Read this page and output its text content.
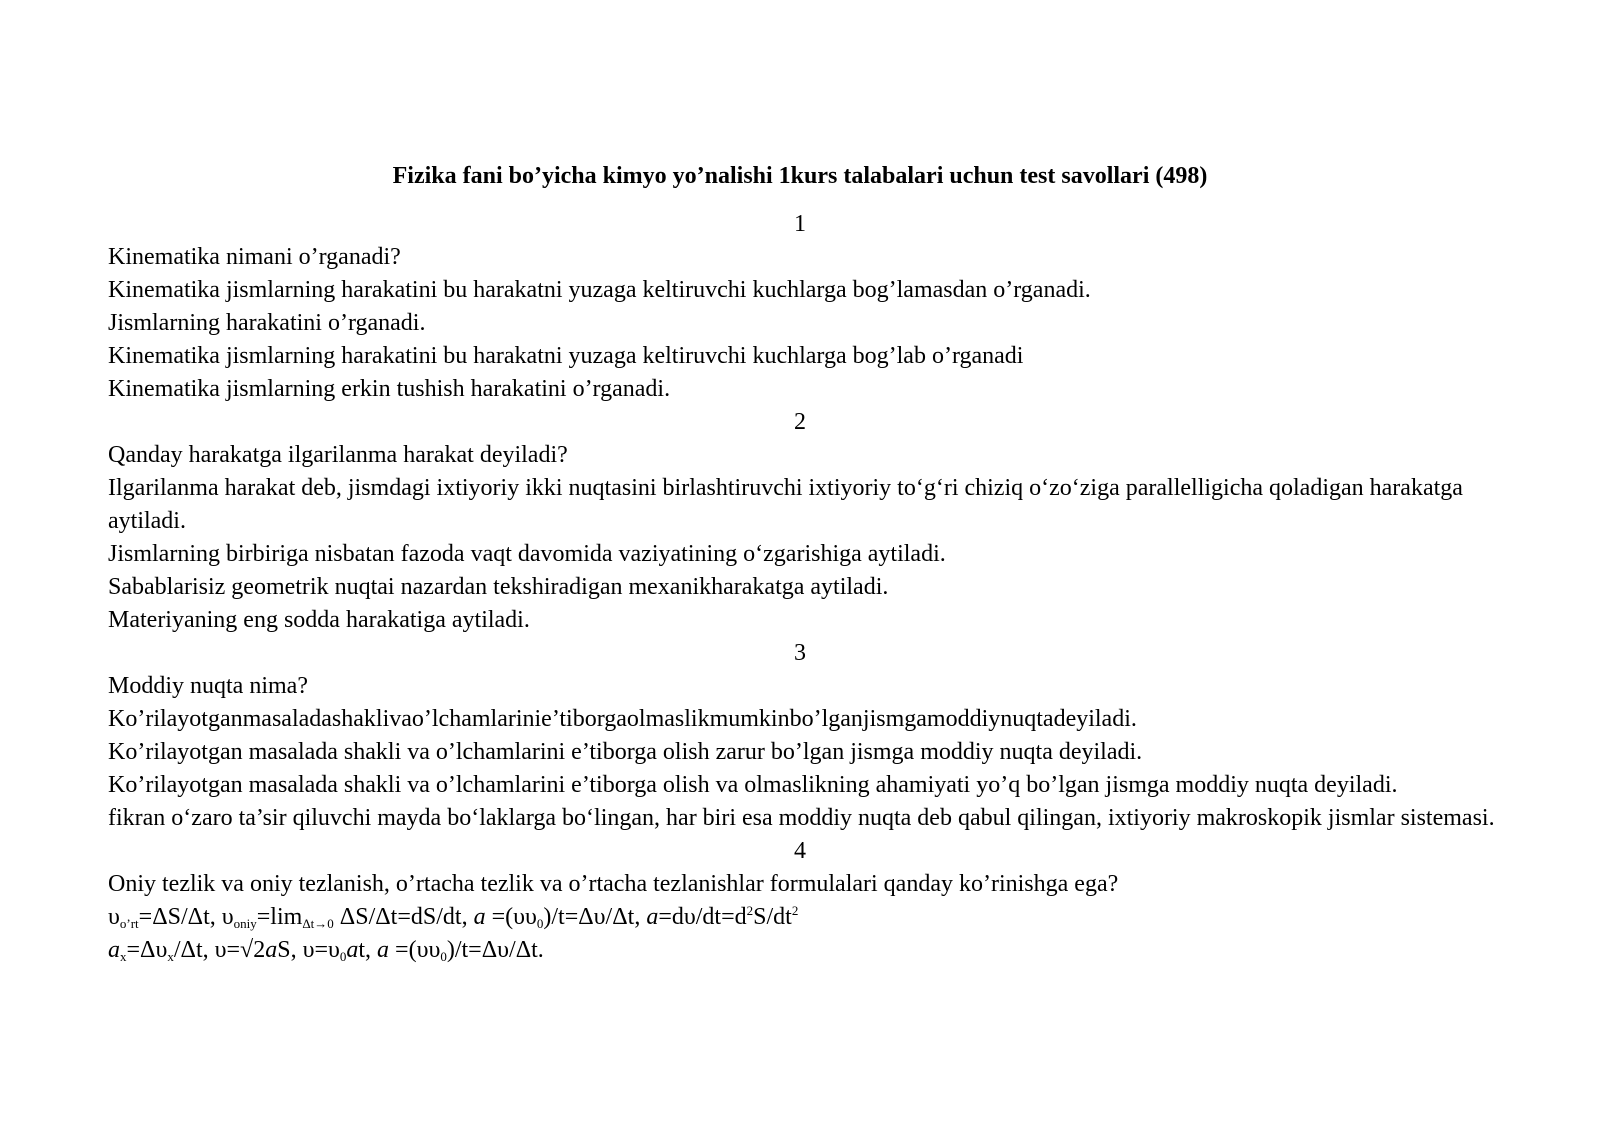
Fizika fani bo’yicha kimyo yo’nalishi 1kurs talabalari uchun test savollari (498)
1
Kinematika nimani o’rganadi?
Kinematika jismlarning harakatini bu harakatni yuzaga keltiruvchi kuchlarga bog’lamasdan o’rganadi.
Jismlarning harakatini o’rganadi.
Kinematika jismlarning harakatini bu harakatni yuzaga keltiruvchi kuchlarga bog’lab o’rganadi
Kinematika jismlarning erkin tushish harakatini o’rganadi.
2
Qanday harakatga ilgarilanma harakat deyiladi?
Ilgarilanma harakat deb, jismdagi ixtiyoriy ikki nuqtasini birlashtiruvchi ixtiyoriy to‘g‘ri chiziq o‘zo‘ziga parallelligicha qoladigan harakatga aytiladi.
Jismlarning birbiriga nisbatan fazoda vaqt davomida vaziyatining o‘zgarishiga aytiladi.
Sabablarisiz geometrik nuqtai nazardan tekshiradigan mexanikharakatga aytiladi.
Materiyaning eng sodda harakatiga aytiladi.
3
Moddiy nuqta nima?
Ko’rilayotganmasaladashaklivao’lchamlarinie’tiborgaolmaslikmumkinbo’lganjismgamoddiynuqtadeyiladi.
Ko’rilayotgan masalada shakli va o’lchamlarini e’tiborga olish zarur bo’lgan jismga moddiy nuqta deyiladi.
Ko’rilayotgan masalada shakli va o’lchamlarini e’tiborga olish va olmaslikning ahamiyati yo’q bo’lgan jismga moddiy nuqta deyiladi.
fikran o‘zaro ta’sir qiluvchi mayda bo‘laklarga bo‘lingan, har biri esa moddiy nuqta deb qabul qilingan, ixtiyoriy makroskopik jismlar sistemasi.
4
Oniy tezlik va oniy tezlanish, o’rtacha tezlik va o’rtacha tezlanishlar formulalari qanday ko’rinishga ega?
$\upsilon_{o’rt}=\Delta S/\Delta t$, $\upsilon_{oniy}=\lim_{\Delta t\to 0}$ ΔS/Δt=dS/dt, $a =(\upsilon\upsilon_0)/t=\Delta\upsilon/\Delta t$, $a=d\upsilon/dt=d^2S/dt^2$
$a_x=\Delta\upsilon_x/\Delta t$, υ=√2aS, $\upsilon=\upsilon_0at$, $a =(\upsilon\upsilon_0)/t=\Delta\upsilon/\Delta t$.
